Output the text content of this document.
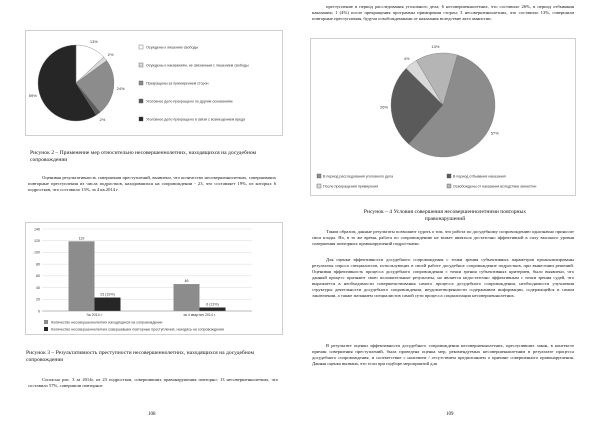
13%
2%
24%
2%
59%
Осуждены к лишению свободы
Осуждены к наказаниям, не связанным с лишением свободы
Прекращены за примирением сторон
Уголовное дело прекращено по другим основаниям
Уголовное дело прекращено в связи с возмещением вреда
Рисунок 2 – Применение мер относительно несовершеннолетних, находящихся на досудебном сопровождении
Оценивая результативность совершения преступлений, выявлено, что количество несовершеннолетних, совершивших повторные преступления из числа подростков, находившихся на сопровождении - 23, что составляет 19%, из которых 6 подростков, что составило 13%, за 4 кв.2014 г.
140
120
100
80
60
40
20
0
119
23 (19%)
За 2014 г.
46
6 (13%)
за 4 квартал 2014 г.
Количество несовершеннолетних находящихся на сопровождении
Количество несовершеннолетних совершивших повторные преступления, находясь на сопровождении
Рисунок 3 – Результативность преступности несовершеннолетних, находящихся на досудебном сопровождении
Согласно рис. 3 за 2014г. из 23 подростков, совершивших правонарушения повторно: 13 несовершеннолетних, что составило 57%, совершили повторное
108
преступление в период расследования уголовного дела; 6 несовершеннолетних, что составило 26%, в период отбывания наказания; 1 (4%) после прекращения программы примирения сторон; 3 несовершеннолетних, что составило 13%, совершили повторные преступления, будучи освобожденными от наказания вследствие акта амнистии.
57%
26%
4%
13%
В период расследования уголовного дела	В период отбывания наказания
После прекращения примирения	Освобождены от наказания вследствие амнистии
Рисунок – 4 Условия совершения несовершеннолетними повторных правонарушений
Таким образом, данные результаты позволяют судить о том, что работа по досудебному сопровождению однозначно приносит свои плоды. Но, в то же время, работа по сопровождению не может являться достаточно эффективной в силу высокого уровня совершения повторных правонарушений подростками.
Для оценки эффективности досудебного сопровождения с точки зрения субъективных параметров проанализированы результаты опроса специалистов, использующих в своей работе досудебное сопровождение подростков, при вынесении решений. Оценивая эффективность процесса досудебного сопровождения с точки зрения субъективных критериев, было выявлено, что данный процесс признают свою положительные результаты, но является недостаточно эффективным с точки зрения судей, что выражается в необходимости совершенствования самого процесса досудебного сопровождения, необходимости улучшения структуры деятельности досудебного сопровождения, неудовлетворенности содержанием информации, содержащейся в самом заключении, а также желанием специалистов самой сути процесса социализации несовершеннолетних.
В результате оценки эффективности досудебного сопровождения несовершеннолетних, преступивших закон, в контексте причин совершения преступлений, была проведена оценка мер, рекомендуемых несовершеннолетним в результате процесса досудебного сопровождения, и соответствие с наличием / отсутствием предписанием о причине совершенного правонарушения. Данная оценка вызвана, что если при подборе мероприятий для
109
